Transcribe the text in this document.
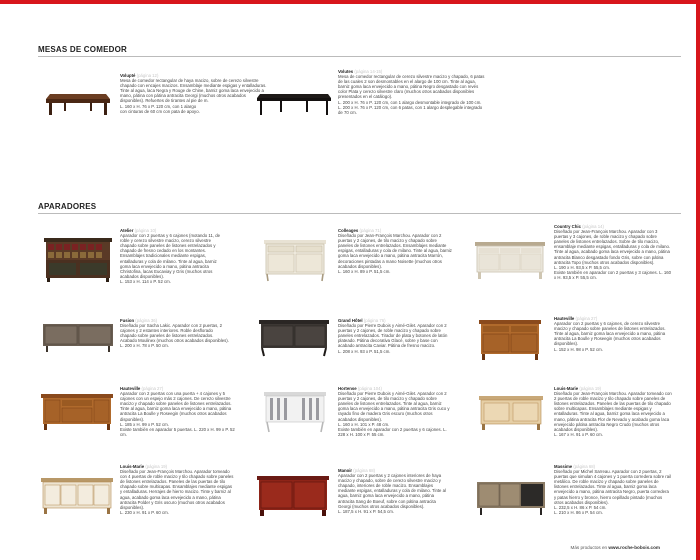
MESAS DE COMEDOR
Volupté (página 12)
Mesa de comedor rectangular de haya macizo, sobre de cerezo silvestre chapado con encajes macizos. Ensamblaje mediante espigas y entalladuras. Tinte al agua, laca Negra y Rouge de Chine, barniz goma laca envejecido a mano, pátina con pátina antracita Georgi (muchos otros acabados disponibles). Refuertes de tirantes al pie de m.
L. 160 x H. 76 x P. 120 cm, con 1 alargo
con cinturas de 60 cm con pata de apoyo.
Volutes (página 14-15)
Mesa de comedor rectangular de cerezo silvestre macizo y chapado, 6 patas de las cuales 2 son desmontables en el alargo de 100 cm. Tinte al agua, barniz goma laca envejecido a mano, pátina Negro desgastado con revés color Plata y cerezo silvestre claro (muchos otros acabados disponibles presentados en el catálogo).
L. 200 x H. 76 x P. 120 cm, con 1 alargo desmontable integrado de 100 cm.
L. 200 x H. 76 x P. 120 cm, con 6 patas, con 1 alargo desplegable integrado de 70 cm.
APARADORES
Atelier (página 10)
Aparador con 2 puertas y 6 cajones (motando 11, de roble y cerezo silvestre macizo, cerezo silvestre chapado sobre paneles de listones entrelazados y chapado de fresno cedado en los montantes. Ensamblajes tradicionales mediante espigas, entalladuras y cola de milano. Tinte al agua, barniz goma laca envejecido a mano, pátina antracita Christofina, lacas Eucaviay y Gris (muchos otros acabados disponibles).
L. 153 x H. 114 x P. 52 cm.
Colleages (página 71)
Diseñado por Jean-François Marchou. Aparador con 2 puertas y 2 cajones, de tilo macizo y chapado sobre paneles de listones entrelazados. Ensamblajes mediante espigas, entalladuras y cola de milano. Tinte al agua, barniz goma laca envejecido a mano, pátina antracita Marrón, decoraciones pintadas a mano Noisette (muchos otros acabados disponibles).
L. 160 x H. 89 x P. 51,5 cm.
Country Chic (página 14)
Diseñado por Jean-François Marchou. Aparador con 3 puertas y 3 cajones, de roble macizo y chapado sobre paneles de listones entrelazados. Sobre de tilo macizo, ensamblaje mediante espigas, entalladuras y cola de milano. Tinte al agua, acabado goma laca envejecido a mano, pátina antracita Blanco desgastado fondo Gris, sobre con pátina antracita Topo (muchos otros acabados disponibles).
L. 190 x H. 93,5 x P. 55,5 cm.
Existe también en aparador con 2 puertas y 3 cajones. L. 160 x H. 93,5 x P. 55,5 cm.
Fusion (página 36)
Diseñado por Sacha Lakic. Aparador con 2 puertas, 2 cajones y 2 estantes interiores. Roble desflorado chapado sobre paneles de listones entrelazados. Acabado Moulinex (muchos otros acabados disponibles).
L. 200 x H. 78 x P. 50 cm.
Grand Hôtel (página 76)
Diseñado por Pierre Dubois y Aimé-Gilet. Aparador con 2 puertas y 2 cajones, de roble macizo y chapado sobre paneles entrelazados. Tirador de plata y botones de latón plateado. Pátina decorativa Glacé, sobre y base con acabado antracita Caviar. Pátina de fresno macizo.
L. 208 x H. 93 x P. 51,5 cm.
Hauteville (página 27)
Aparador con 2 puertas y 6 cajones, de cerezo silvestre macizo y chapado sobre paneles de listones entrelazados. Tinte al agua, barniz goma laca envejecido a mano, pátina antracita La Boulle y Roseegin (muchos otros acabados disponibles).
L. 152 x H. 98 x P. 52 cm.
Hauteville (página 27)
Aparador con 2 puertas con una puerta + 4 cajones y 5 cajones con un espejo más 2 cajones. De cerezo silvestre macizo y chapado sobre paneles de listones entrelazados. Tinte al agua, barniz goma laca envejecido a mano, pátina antracita La Boulle y Roseegin (muchos otros acabados disponibles).
L. 185 x H. 99 x P. 52 cm.
Existe también en aparador 5 puertas. L. 220 x H. 99 x P. 52 cm.
Hortense (página 104)
Diseñado por Pierre Dubois y Aimé-Gilet. Aparador con 2 puertas y 2 cajones, de tilo macizo y chapado sobre paneles de listones entrelazados. Tinte al agua, barniz goma laca envejecido a mano, pátina antracita Gris cuco y rayado fino de madera Gris escuro (muchos otros acabados disponibles).
L. 160 x H. 101 x P. 48 cm.
Existe también en aparador con 2 puertas y 6 cajones. L. 228 x H. 100 x P. 55 cm.
Louis-Marie (página 19)
Diseñado por Jean-François Marchou. Aparador tomeado con 2 puertas de roble macizo y tilo chapado sobre paneles de listones entrelazados. Paneles de las puertas de tilo chapado sobre multicapas. Ensamblajes mediante espigas y entalladuras. Tinte al agua, barniz goma laca envejecido a mano, pátina antracita Flor de Nevado y acabado goma laca envejecido pátina antracita Negro Crudo (muchos otros acabados disponibles).
L. 167 x H. 91 x P. 60 cm.
Louis-Marie (página 19)
Diseñado por Jean-François Marchou. Aparador tomeado con 4 puertas de roble macizo y tilo chapado sobre paneles de listones entrelazados. Paneles de las puertas de tilo chapado sobre multicapas. Ensamblajes mediante espigas y entalladuras. Herrajes de hierro macizo. Tinte y barniz al agua, acabado goma laca envejecido a mano, pátina antracita Polder y Gris oscuro (muchos otros acabados disponibles).
L. 230 x H. 91 x P. 60 cm.
Manoir (página 68)
Aparador con 2 puertas y 2 cajones interiores de haya macizo y chapado, sobre de cerezo silvestre macizo y chapado, interiores de roble macizo. Ensamblajes mediante espigas, entalladuras y cola de milano. Tinte al agua, barniz goma laca envejecido a mano, pátina antracita Sang de Boeuf, sobre con pátina antracita Georgi (muchos otros acabados disponibles).
L. 187,5 x H. 91 x P. 54,5 cm.
Massime (página 68)
Diseñado por Michel Sarreau. Aparador con 2 puertas, 2 puertas que simulan 4 cajones y 1 puerta corredera sobre rail metálico. De roble macizo y chapado sobre paneles de listones entrelazados. Tinte al agua, barniz goma laca envejecido a mano, pátina antracita Negro, puerta corredera y patas hierro y bronce, hierro cepillado pintado (muchos otros acabados disponibles).
L. 232,5 x H. 86 x P. 54 cm.
L. 210 x H. 86 x P. 54 cm.
Más productos en www.roche-bobois.com
